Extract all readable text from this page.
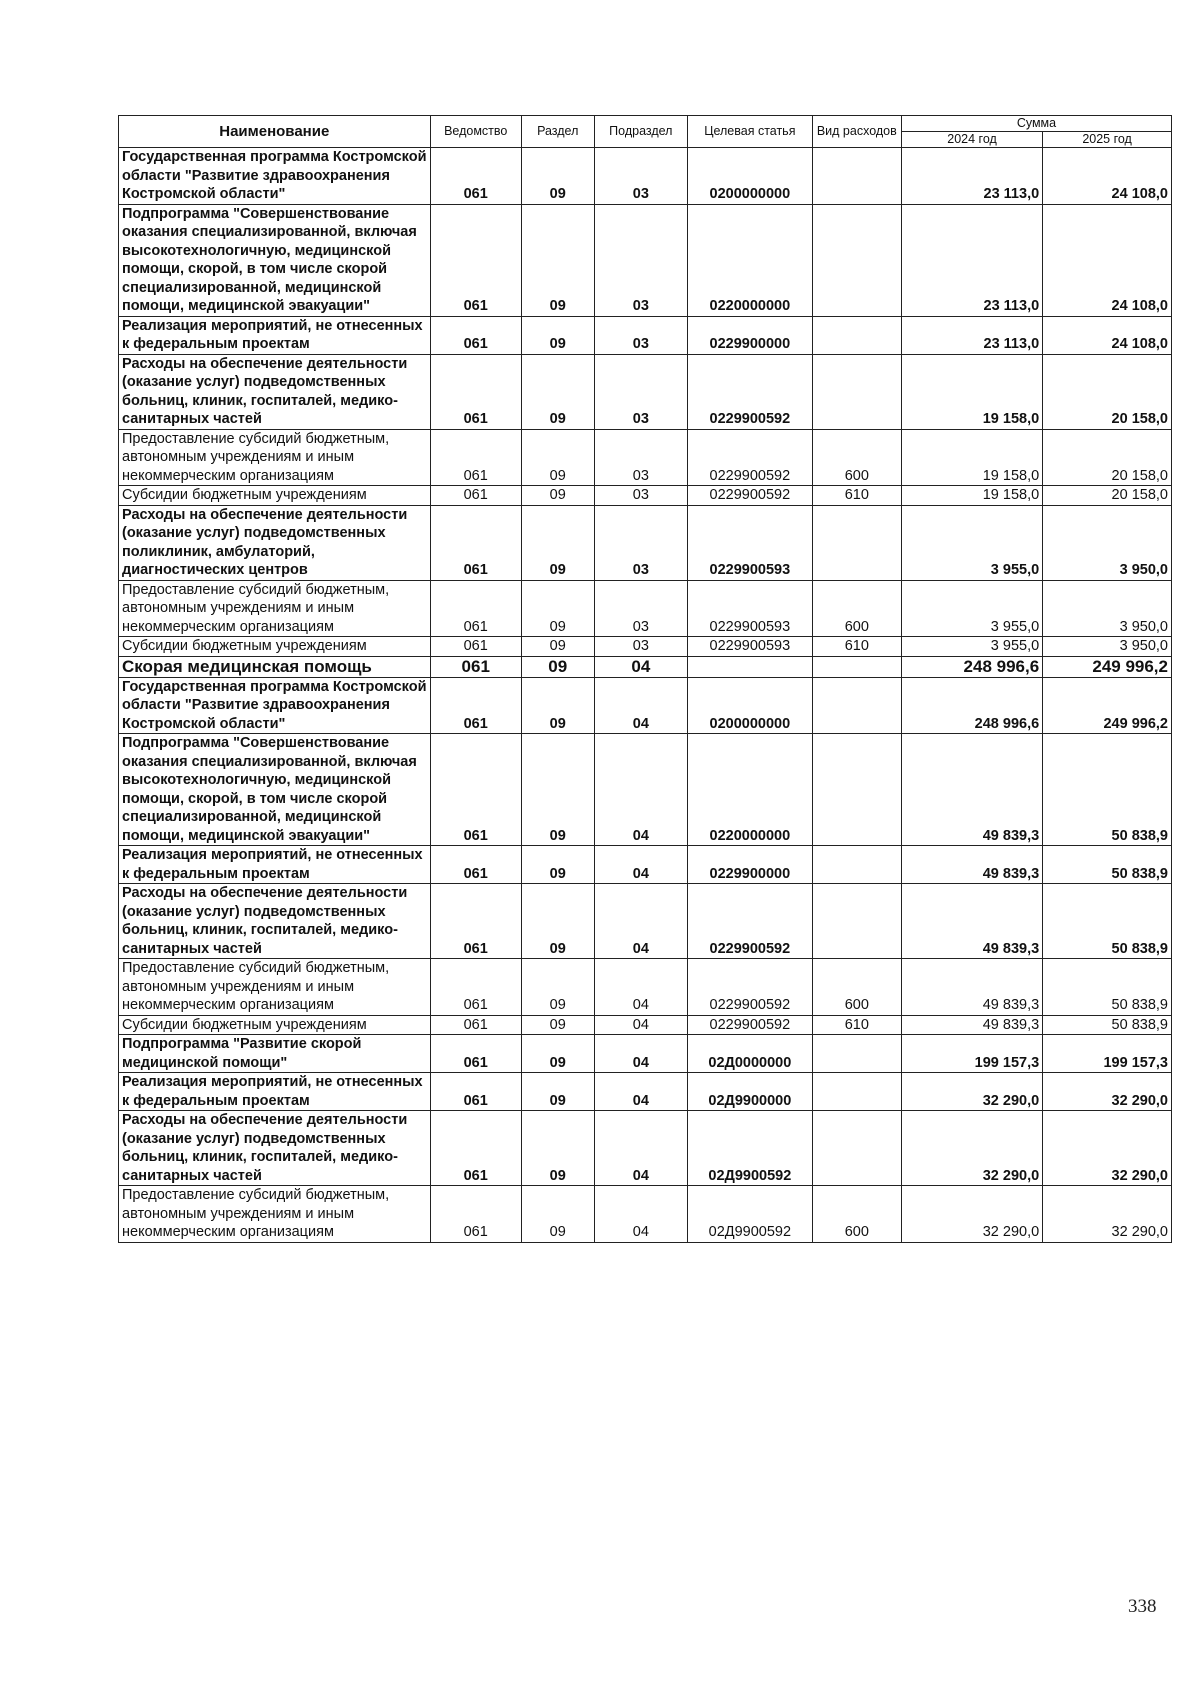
Наименование	Ведомство	Раздел	Подраздел	Целевая статья	Вид расходов	Сумма	
						2024 год	2025 год
Государственная программа Костромской области "Развитие здравоохранения Костромской области"	061	09	03	0200000000		23 113,0	24 108,0
Подпрограмма "Совершенствование оказания специализированной, включая высокотехнологичную, медицинской помощи, скорой, в том числе скорой специализированной, медицинской помощи, медицинской эвакуации"	061	09	03	0220000000		23 113,0	24 108,0
Реализация мероприятий, не отнесенных к федеральным проектам	061	09	03	0229900000		23 113,0	24 108,0
Расходы на обеспечение деятельности (оказание услуг) подведомственных больниц, клиник, госпиталей, медико-санитарных частей	061	09	03	0229900592		19 158,0	20 158,0
Предоставление субсидий бюджетным, автономным учреждениям и иным некоммерческим организациям	061	09	03	0229900592	600	19 158,0	20 158,0
Субсидии бюджетным учреждениям	061	09	03	0229900592	610	19 158,0	20 158,0
Расходы на обеспечение деятельности (оказание услуг) подведомственных поликлиник, амбулаторий, диагностических центров	061	09	03	0229900593		3 955,0	3 950,0
Предоставление субсидий бюджетным, автономным учреждениям и иным некоммерческим организациям	061	09	03	0229900593	600	3 955,0	3 950,0
Субсидии бюджетным учреждениям	061	09	03	0229900593	610	3 955,0	3 950,0
Скорая медицинская помощь	061	09	04			248 996,6	249 996,2
Государственная программа Костромской области "Развитие здравоохранения Костромской области"	061	09	04	0200000000		248 996,6	249 996,2
Подпрограмма "Совершенствование оказания специализированной, включая высокотехнологичную, медицинской помощи, скорой, в том числе скорой специализированной, медицинской помощи, медицинской эвакуации"	061	09	04	0220000000		49 839,3	50 838,9
Реализация мероприятий, не отнесенных к федеральным проектам	061	09	04	0229900000		49 839,3	50 838,9
Расходы на обеспечение деятельности (оказание услуг) подведомственных больниц, клиник, госпиталей, медико-санитарных частей	061	09	04	0229900592		49 839,3	50 838,9
Предоставление субсидий бюджетным, автономным учреждениям и иным некоммерческим организациям	061	09	04	0229900592	600	49 839,3	50 838,9
Субсидии бюджетным учреждениям	061	09	04	0229900592	610	49 839,3	50 838,9
Подпрограмма "Развитие скорой медицинской помощи"	061	09	04	02Д0000000		199 157,3	199 157,3
Реализация мероприятий, не отнесенных к федеральным проектам	061	09	04	02Д9900000		32 290,0	32 290,0
Расходы на обеспечение деятельности (оказание услуг) подведомственных больниц, клиник, госпиталей, медико-санитарных частей	061	09	04	02Д9900592		32 290,0	32 290,0
Предоставление субсидий бюджетным, автономным учреждениям и иным некоммерческим организациям	061	09	04	02Д9900592	600	32 290,0	32 290,0
338
